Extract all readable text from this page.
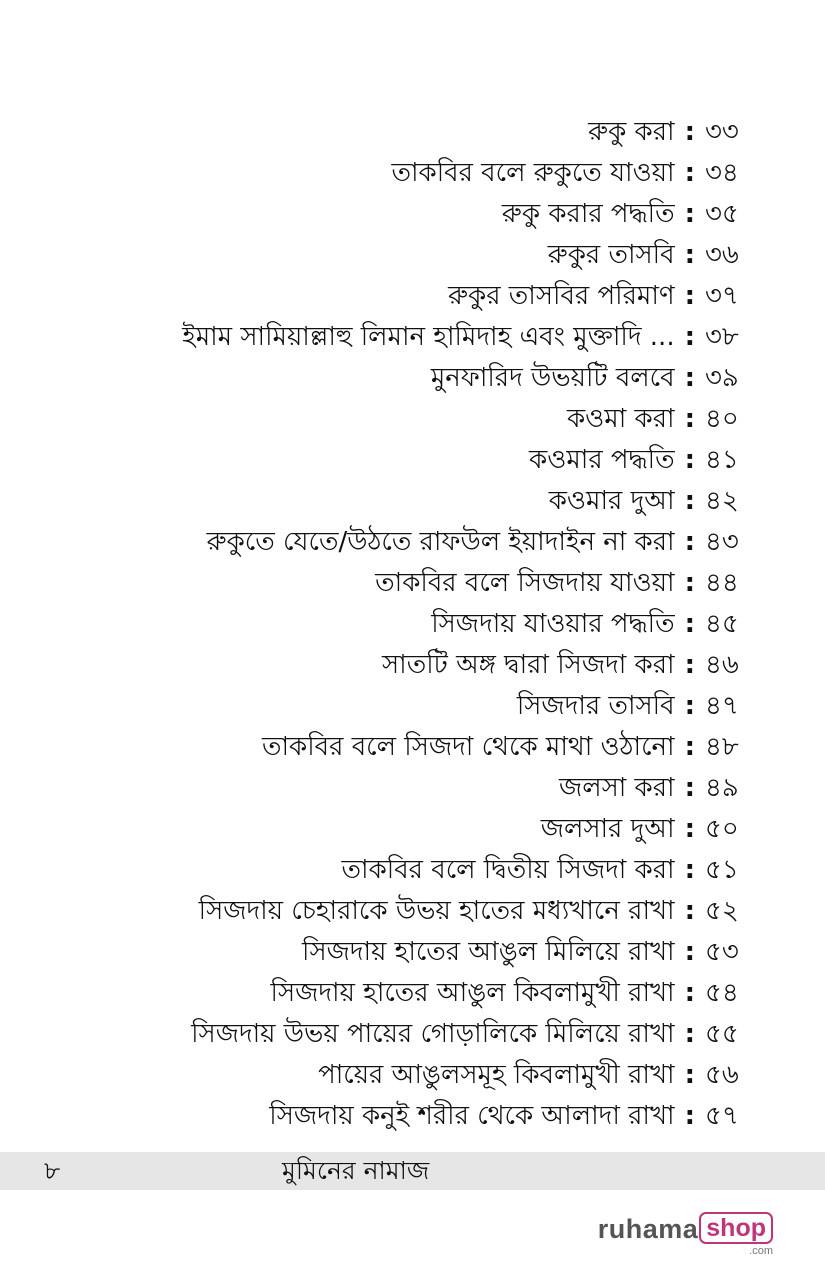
রুকু করা : ৩৩
তাকবির বলে রুকুতে যাওয়া : ৩৪
রুকু করার পদ্ধতি : ৩৫
রুকুর তাসবি : ৩৬
রুকুর তাসবির পরিমাণ : ৩৭
ইমাম সামিয়াল্লাহু লিমান হামিদাহ এবং মুক্তাদি ... : ৩৮
মুনফারিদ উভয়টি বলবে : ৩৯
কওমা করা : ৪০
কওমার পদ্ধতি : ৪১
কওমার দুআ : ৪২
রুকুতে যেতে/উঠতে রাফউল ইয়াদাইন না করা : ৪৩
তাকবির বলে সিজদায় যাওয়া : ৪৪
সিজদায় যাওয়ার পদ্ধতি : ৪৫
সাতটি অঙ্গ দ্বারা সিজদা করা : ৪৬
সিজদার তাসবি : ৪৭
তাকবির বলে সিজদা থেকে মাথা ওঠানো : ৪৮
জলসা করা : ৪৯
জলসার দুআ : ৫০
তাকবির বলে দ্বিতীয় সিজদা করা : ৫১
সিজদায় চেহারাকে উভয় হাতের মধ্যখানে রাখা : ৫২
সিজদায় হাতের আঙুল মিলিয়ে রাখা : ৫৩
সিজদায় হাতের আঙুল কিবলামুখী রাখা : ৫৪
সিজদায় উভয় পায়ের গোড়ালিকে মিলিয়ে রাখা : ৫৫
পায়ের আঙুলসমূহ কিবলামুখী রাখা : ৫৬
সিজদায় কনুই শরীর থেকে আলাদা রাখা : ৫৭
৮	মুমিনের নামাজ
ruhama shop
.com
